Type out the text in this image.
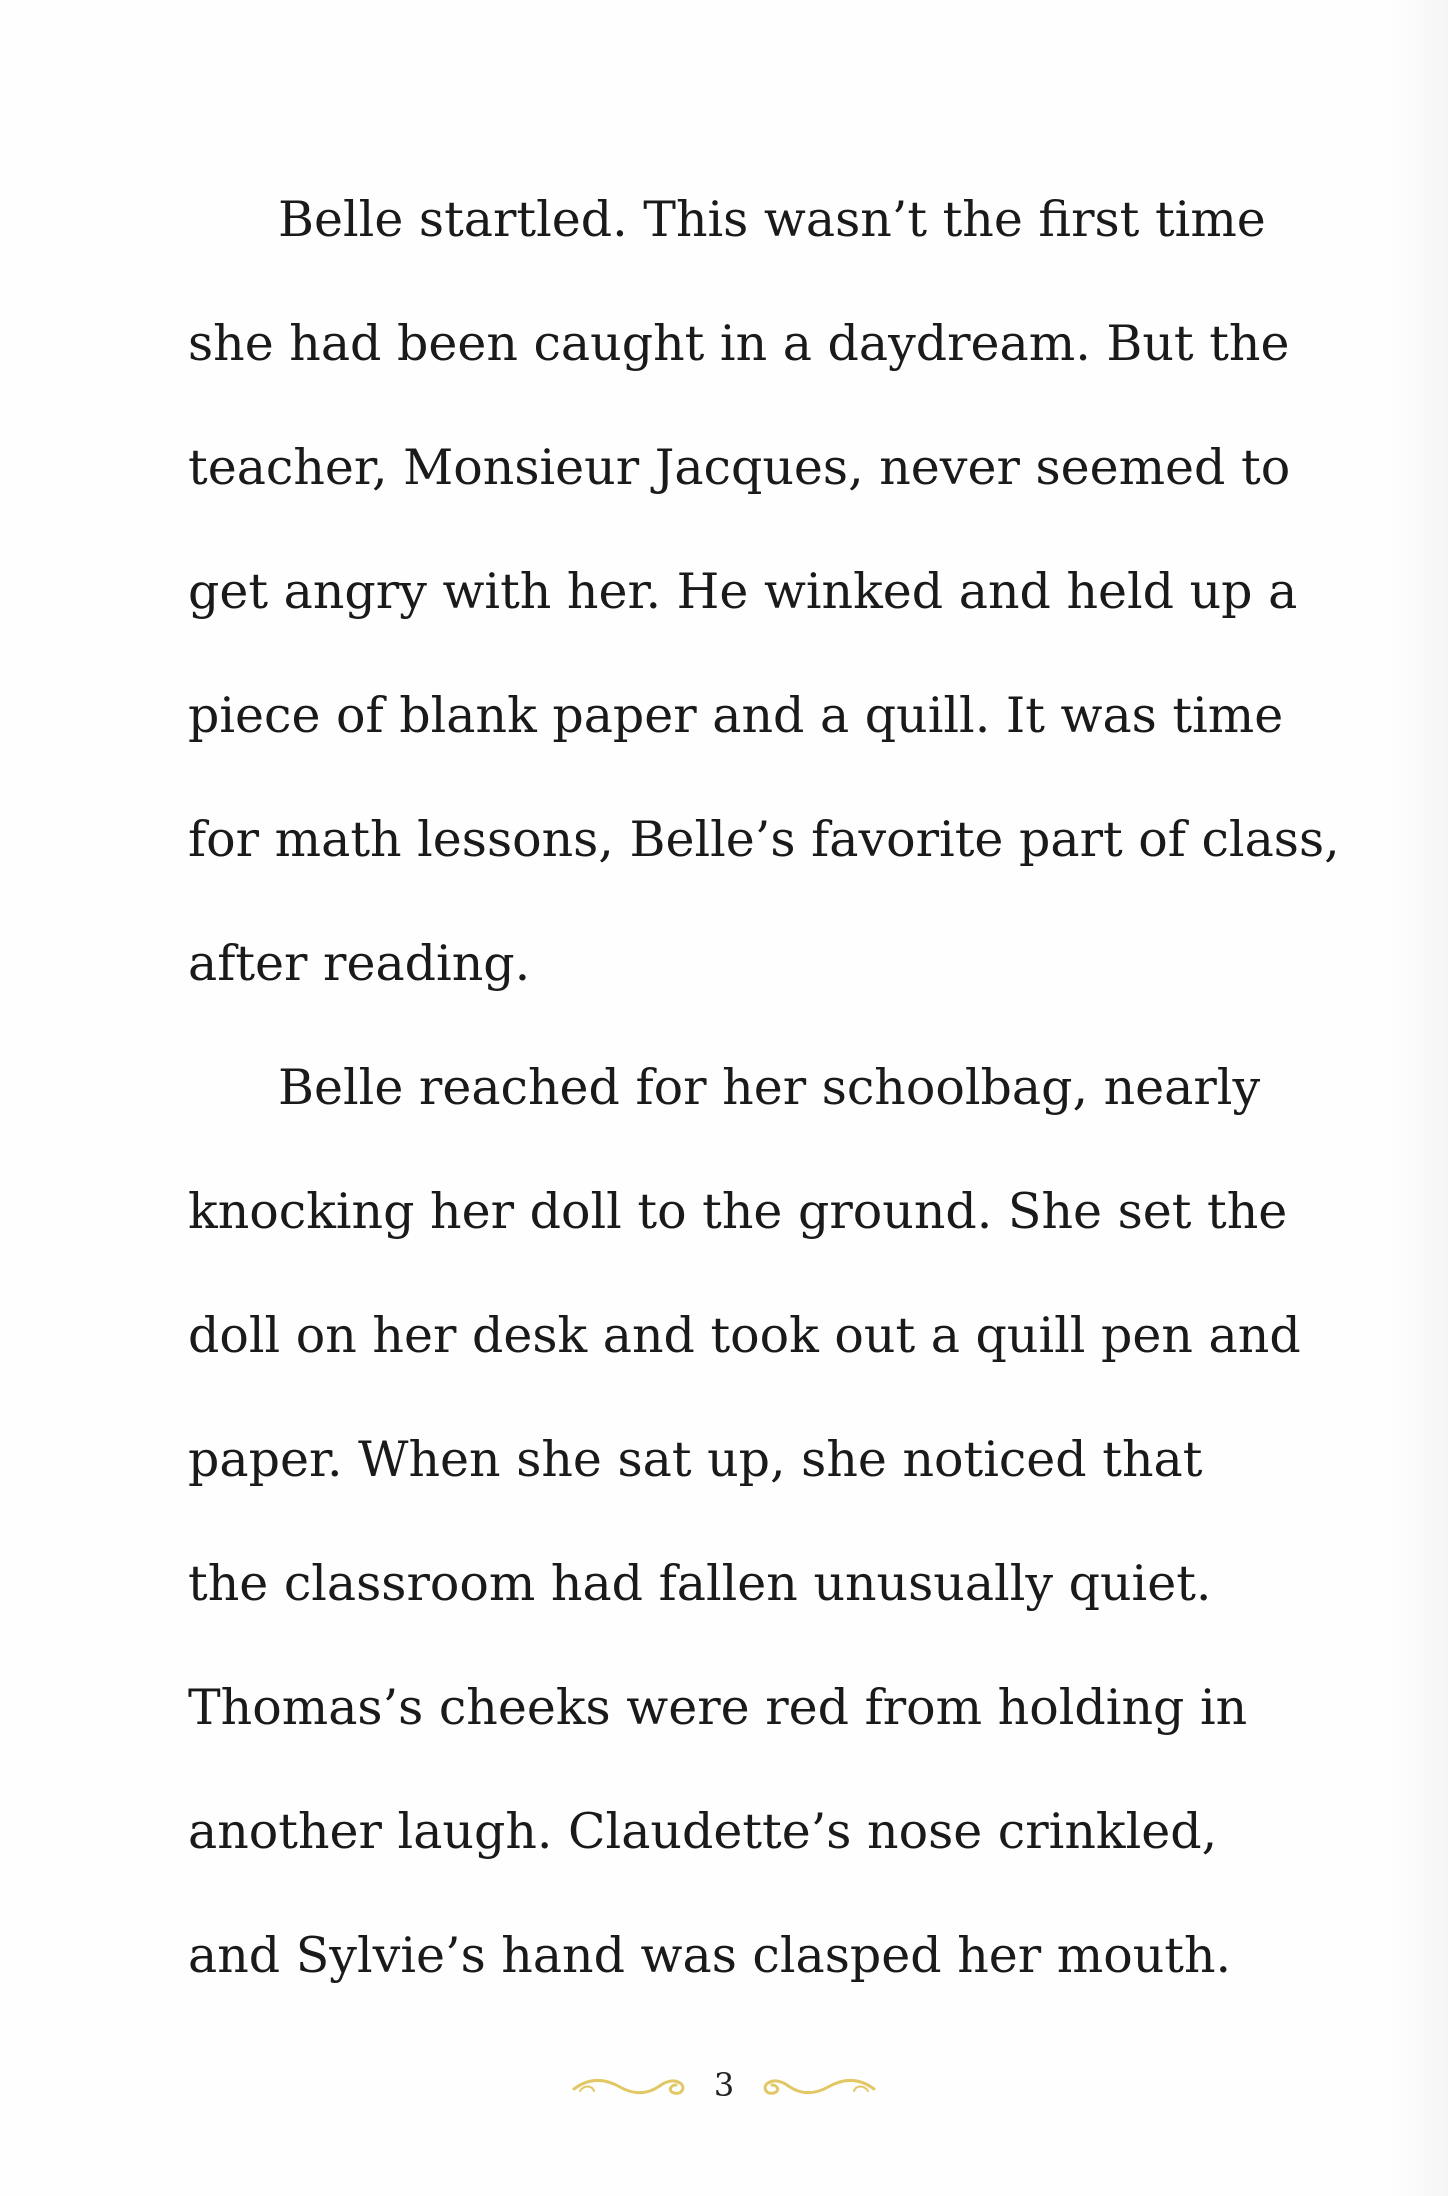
Belle startled. This wasn’t the first time
she had been caught in a daydream. But the
teacher, Monsieur Jacques, never seemed to
get angry with her. He winked and held up a
piece of blank paper and a quill. It was time
for math lessons, Belle’s favorite part of class,
after reading.
Belle reached for her schoolbag, nearly
knocking her doll to the ground. She set the
doll on her desk and took out a quill pen and
paper. When she sat up, she noticed that
the classroom had fallen unusually quiet.
Thomas’s cheeks were red from holding in
another laugh. Claudette’s nose crinkled,
and Sylvie’s hand was clasped her mouth.
3
